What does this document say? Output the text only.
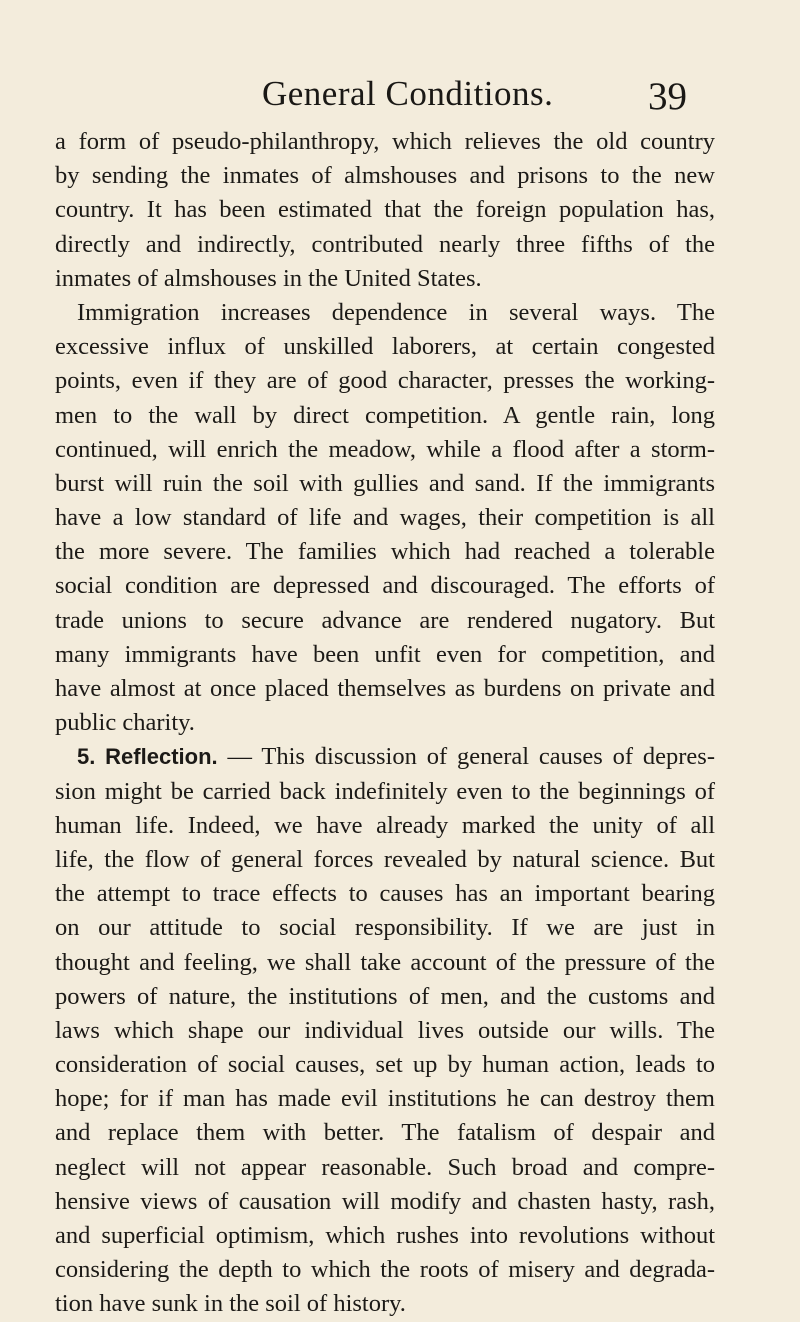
General Conditions. 39
a form of pseudo-philanthropy, which relieves the old country
by sending the inmates of almshouses and prisons to the new
country. It has been estimated that the foreign population has,
directly and indirectly, contributed nearly three fifths of the
inmates of almshouses in the United States.
Immigration increases dependence in several ways. The
excessive influx of unskilled laborers, at certain congested
points, even if they are of good character, presses the working-
men to the wall by direct competition. A gentle rain, long
continued, will enrich the meadow, while a flood after a storm-
burst will ruin the soil with gullies and sand. If the immigrants
have a low standard of life and wages, their competition is all
the more severe. The families which had reached a tolerable
social condition are depressed and discouraged. The efforts of
trade unions to secure advance are rendered nugatory. But
many immigrants have been unfit even for competition, and
have almost at once placed themselves as burdens on private and
public charity.
5. Reflection. — This discussion of general causes of depres-
sion might be carried back indefinitely even to the beginnings of
human life. Indeed, we have already marked the unity of all
life, the flow of general forces revealed by natural science. But
the attempt to trace effects to causes has an important bearing
on our attitude to social responsibility. If we are just in
thought and feeling, we shall take account of the pressure of the
powers of nature, the institutions of men, and the customs and
laws which shape our individual lives outside our wills. The
consideration of social causes, set up by human action, leads to
hope; for if man has made evil institutions he can destroy them
and replace them with better. The fatalism of despair and
neglect will not appear reasonable. Such broad and compre-
hensive views of causation will modify and chasten hasty, rash,
and superficial optimism, which rushes into revolutions without
considering the depth to which the roots of misery and degrada-
tion have sunk in the soil of history.
